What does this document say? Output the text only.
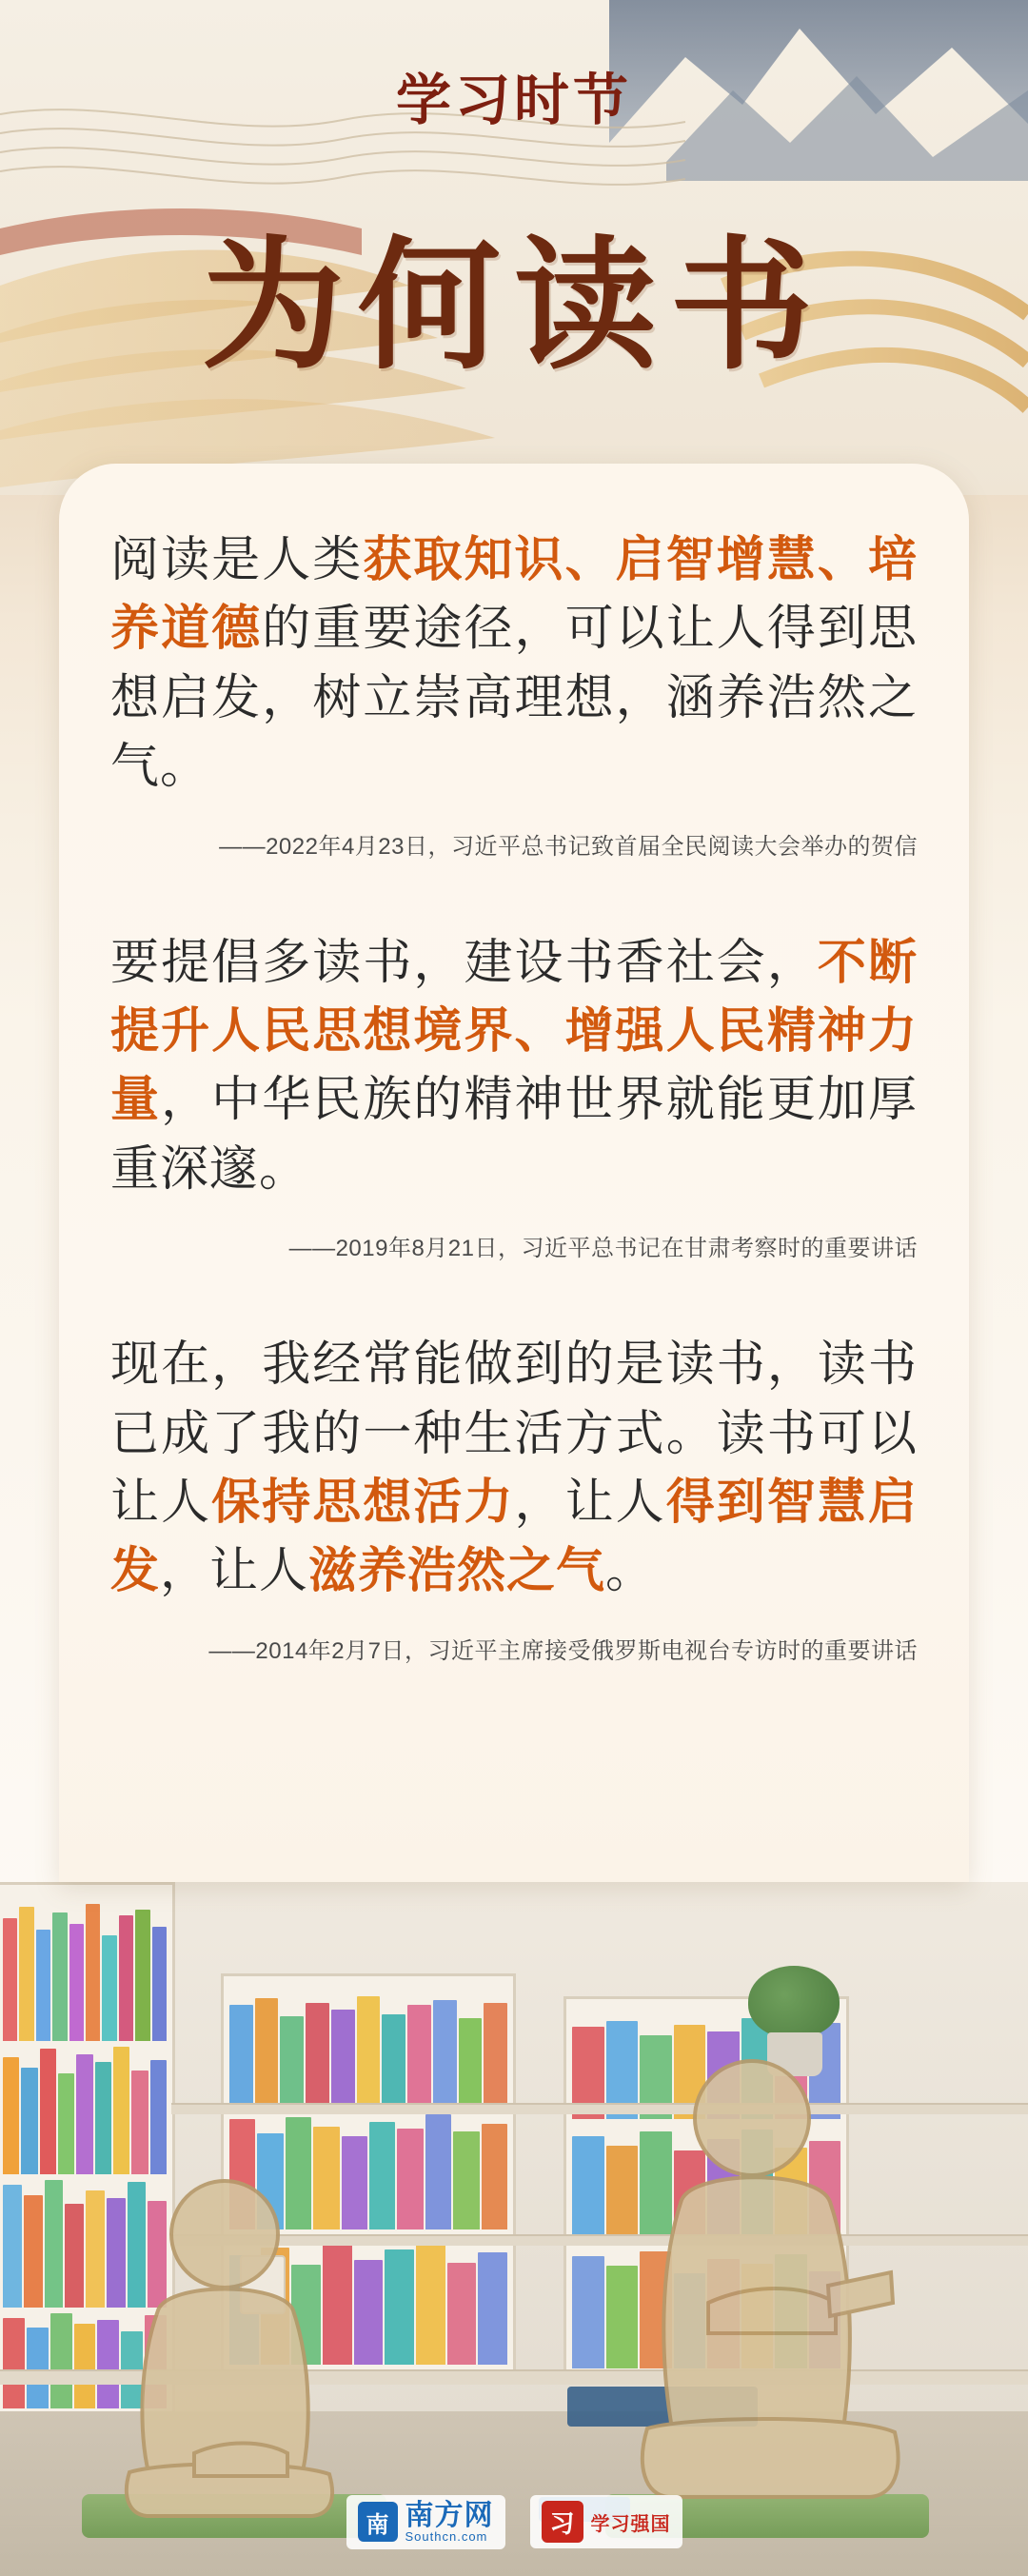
学习时节
为何读书
阅读是人类获取知识、启智增慧、培养道德的重要途径，可以让人得到思想启发，树立崇高理想，涵养浩然之气。
——2022年4月23日，习近平总书记致首届全民阅读大会举办的贺信
要提倡多读书，建设书香社会，不断提升人民思想境界、增强人民精神力量，中华民族的精神世界就能更加厚重深邃。
——2019年8月21日，习近平总书记在甘肃考察时的重要讲话
现在，我经常能做到的是读书，读书已成了我的一种生活方式。读书可以让人保持思想活力，让人得到智慧启发，让人滋养浩然之气。
——2014年2月7日，习近平主席接受俄罗斯电视台专访时的重要讲话
南 南方网
Southcn.com	习 学习强国
